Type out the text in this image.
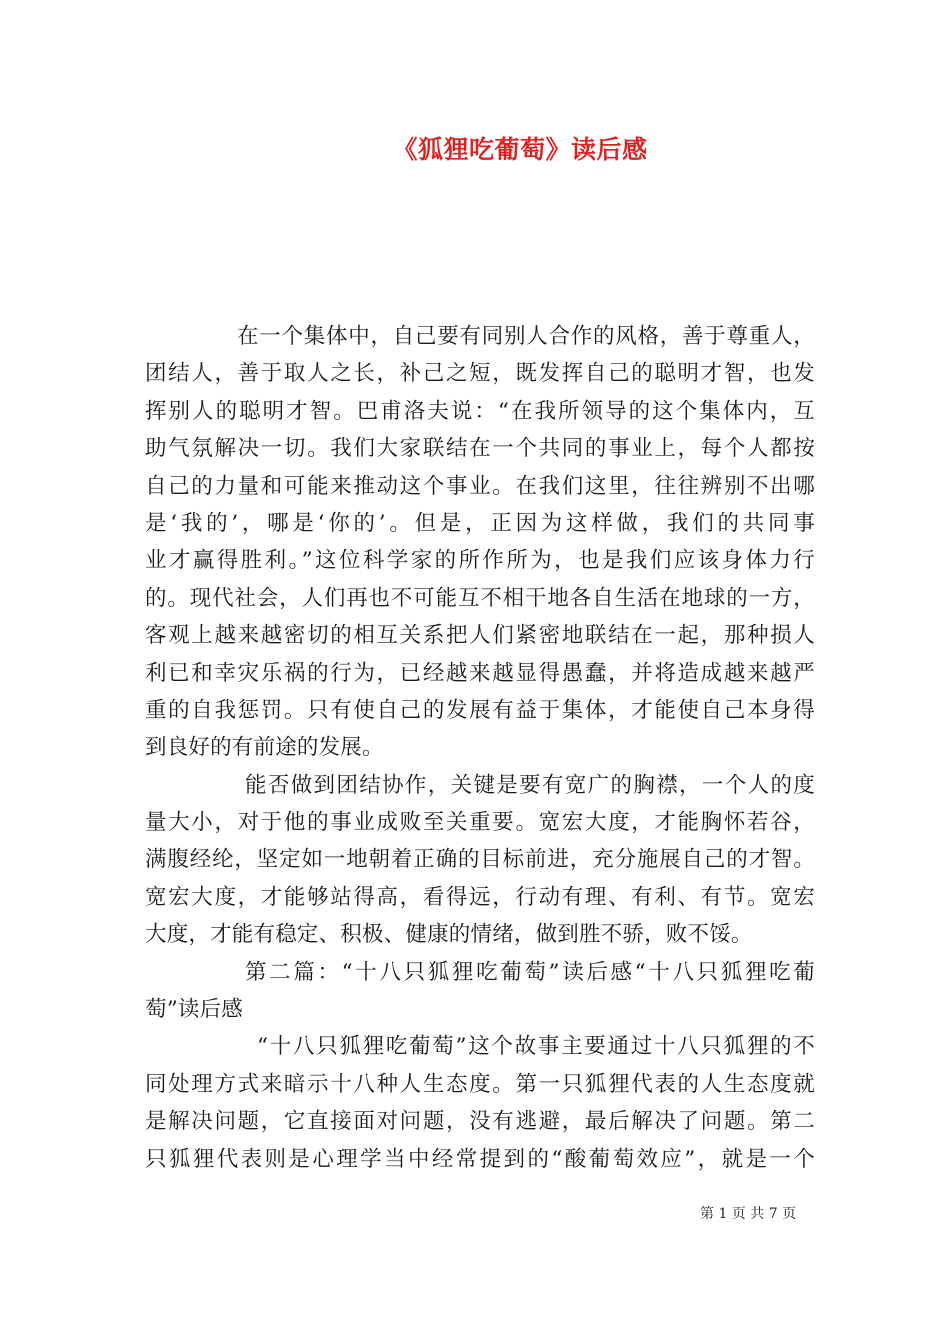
《狐狸吃葡萄》读后感
在一个集体中，自己要有同别人合作的风格，善于尊重人，
团结人，善于取人之长，补己之短，既发挥自己的聪明才智，也发
挥别人的聪明才智。巴甫洛夫说：“在我所领导的这个集体内，互
助气氛解决一切。我们大家联结在一个共同的事业上，每个人都按
自己的力量和可能来推动这个事业。在我们这里，往往辨别不出哪
是‘我的’，哪是‘你的’。但是，正因为这样做，我们的共同事
业才赢得胜利。”这位科学家的所作所为，也是我们应该身体力行
的。现代社会，人们再也不可能互不相干地各自生活在地球的一方，
客观上越来越密切的相互关系把人们紧密地联结在一起，那种损人
利已和幸灾乐祸的行为，已经越来越显得愚蠢，并将造成越来越严
重的自我惩罚。只有使自己的发展有益于集体，才能使自己本身得
到良好的有前途的发展。
能否做到团结协作，关键是要有宽广的胸襟，一个人的度
量大小，对于他的事业成败至关重要。宽宏大度，才能胸怀若谷，
满腹经纶，坚定如一地朝着正确的目标前进，充分施展自己的才智。
宽宏大度，才能够站得高，看得远，行动有理、有利、有节。宽宏
大度，才能有稳定、积极、健康的情绪，做到胜不骄，败不馁。
第二篇：“十八只狐狸吃葡萄”读后感“十八只狐狸吃葡
萄”读后感
“十八只狐狸吃葡萄”这个故事主要通过十八只狐狸的不
同处理方式来暗示十八种人生态度。第一只狐狸代表的人生态度就
是解决问题，它直接面对问题，没有逃避，最后解决了问题。第二
只狐狸代表则是心理学当中经常提到的“酸葡萄效应”，就是一个
第 1 页 共 7 页
